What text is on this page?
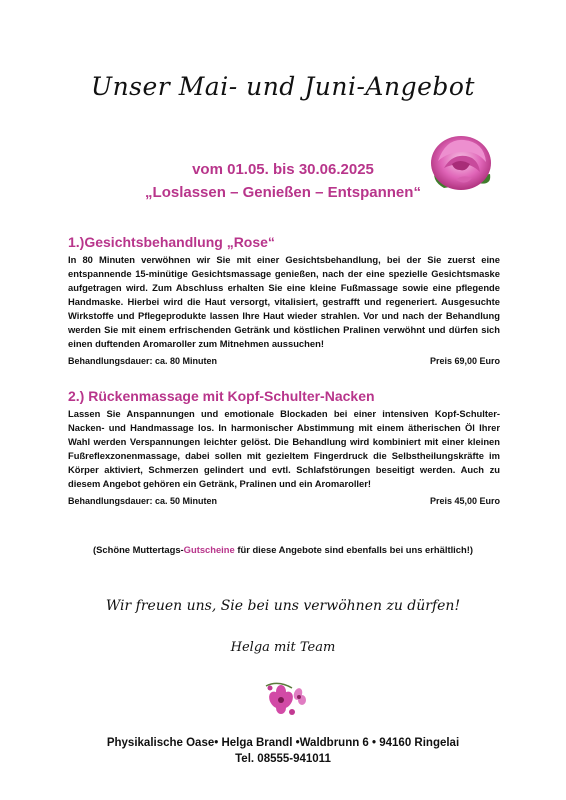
Unser Mai- und Juni-Angebot
vom 01.05. bis 30.06.2025
„Loslassen – Genießen – Entspannen“
1.)Gesichtsbehandlung „Rose“

In 80 Minuten verwöhnen wir Sie mit einer Gesichtsbehandlung, bei der Sie zuerst eine entspannende 15-minütige Gesichtsmassage genießen, nach der eine spezielle Gesichtsmaske aufgetragen wird. Zum Abschluss erhalten Sie eine kleine Fußmassage sowie eine pflegende Handmaske. Hierbei wird die Haut versorgt, vitalisiert, gestrafft und regeneriert. Ausgesuchte Wirkstoffe und Pflegeprodukte lassen Ihre Haut wieder strahlen. Vor und nach der Behandlung werden Sie mit einem erfrischenden Getränk und köstlichen Pralinen verwöhnt und dürfen sich einen duftenden Aromaroller zum Mitnehmen aussuchen!

Behandlungsdauer: ca. 80 Minuten	Preis 69,00 Euro
2.) Rückenmassage mit Kopf-Schulter-Nacken

Lassen Sie Anspannungen und emotionale Blockaden bei einer intensiven Kopf-Schulter-Nacken- und Handmassage los. In harmonischer Abstimmung mit einem ätherischen Öl Ihrer Wahl werden Verspannungen leichter gelöst. Die Behandlung wird kombiniert mit einer kleinen Fußreflexzonenmassage, dabei sollen mit gezieltem Fingerdruck die Selbstheilungskräfte im Körper aktiviert, Schmerzen gelindert und evtl. Schlafstörungen beseitigt werden. Auch zu diesem Angebot gehören ein Getränk, Pralinen und ein Aromaroller!

Behandlungsdauer: ca. 50 Minuten	Preis 45,00 Euro
(Schöne Muttertags-Gutscheine für diese Angebote sind ebenfalls bei uns erhältlich!)
Wir freuen uns, Sie bei uns verwöhnen zu dürfen!
Helga mit Team
Physikalische Oase• Helga Brandl •Waldbrunn 6 • 94160 Ringelai
Tel. 08555-941011
